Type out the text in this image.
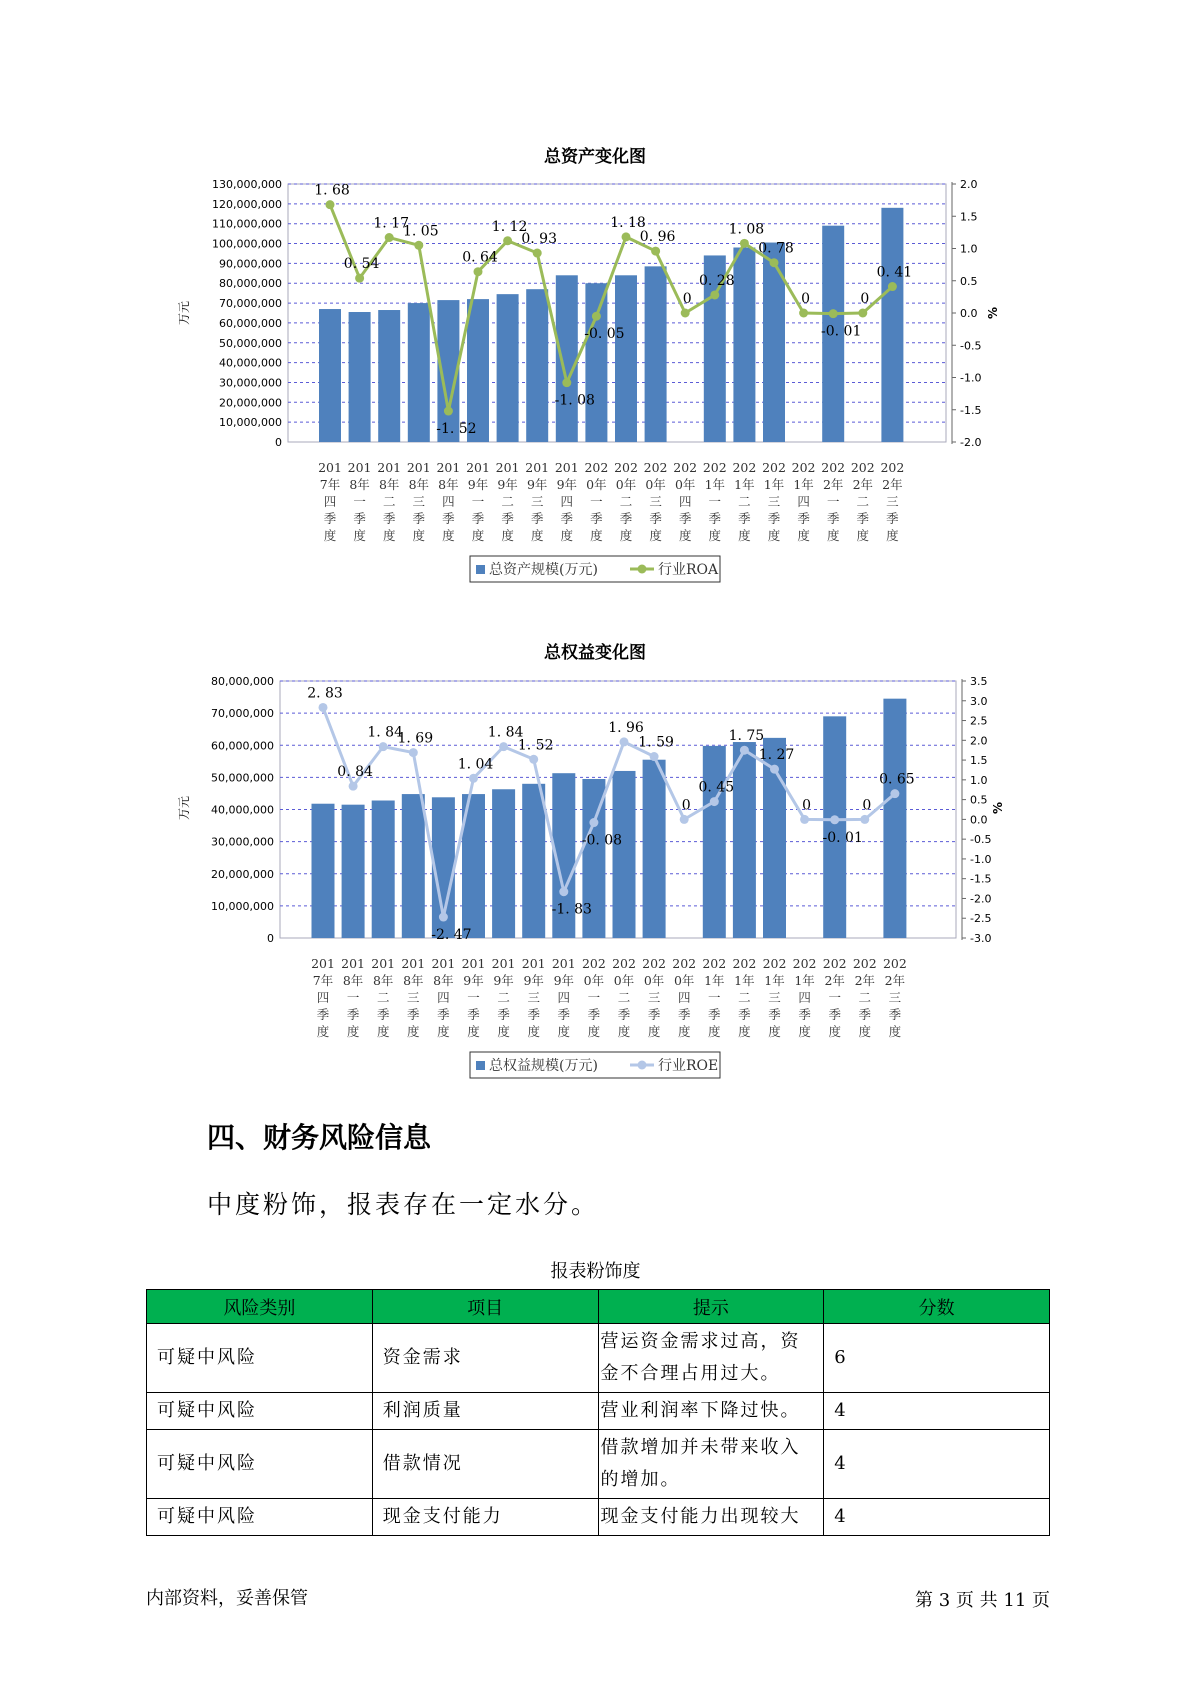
总资产变化图
0
10,000,000
20,000,000
30,000,000
40,000,000
50,000,000
60,000,000
70,000,000
80,000,000
90,000,000
100,000,000
110,000,000
120,000,000
130,000,000
-2.0
-1.5
-1.0
-0.5
0.0
0.5
1.0
1.5
2.0
万元	%
201
7年
四
季
度
201
8年
一
季
度
201
8年
二
季
度
201
8年
三
季
度
201
8年
四
季
度
201
9年
一
季
度
201
9年
二
季
度
201
9年
三
季
度
201
9年
四
季
度
202
0年
一
季
度
202
0年
二
季
度
202
0年
三
季
度
202
0年
四
季
度
202
1年
一
季
度
202
1年
二
季
度
202
1年
三
季
度
202
1年
四
季
度
202
2年
一
季
度
202
2年
二
季
度
202
2年
三
季
度
1. 68
0. 54
1. 17
1. 05
-1. 52
0. 64
1. 12
0. 93
-1. 08
-0. 05
1. 18
0. 96
0
0. 28
1. 08
0. 78
0
-0. 01
0
0. 41
总资产规模(万元)	行业ROA
总权益变化图
0
10,000,000
20,000,000
30,000,000
40,000,000
50,000,000
60,000,000
70,000,000
80,000,000
-3.0
-2.5
-2.0
-1.5
-1.0
-0.5
0.0
0.5
1.0
1.5
2.0
2.5
3.0
3.5
万元	%
201
7年
四
季
度
201
8年
一
季
度
201
8年
二
季
度
201
8年
三
季
度
201
8年
四
季
度
201
9年
一
季
度
201
9年
二
季
度
201
9年
三
季
度
201
9年
四
季
度
202
0年
一
季
度
202
0年
二
季
度
202
0年
三
季
度
202
0年
四
季
度
202
1年
一
季
度
202
1年
二
季
度
202
1年
三
季
度
202
1年
四
季
度
202
2年
一
季
度
202
2年
二
季
度
202
2年
三
季
度
2. 83
0. 84
1. 84
1. 69
-2. 47
1. 04
1. 84
1. 52
-1. 83
-0. 08
1. 96
1. 59
0
0. 45
1. 75
1. 27
0
-0. 01
0
0. 65
总权益规模(万元)	行业ROE
四、财务风险信息
中度粉饰，报表存在一定水分。
报表粉饰度
风险类别	项目	提示	分数
可疑中风险	资金需求	营运资金需求过高，资金不合理占用过大。	6
可疑中风险	利润质量	营业利润率下降过快。	4
可疑中风险	借款情况	借款增加并未带来收入的增加。	4
可疑中风险	现金支付能力	现金支付能力出现较大	4
内部资料，妥善保管	第 3 页 共 11 页
